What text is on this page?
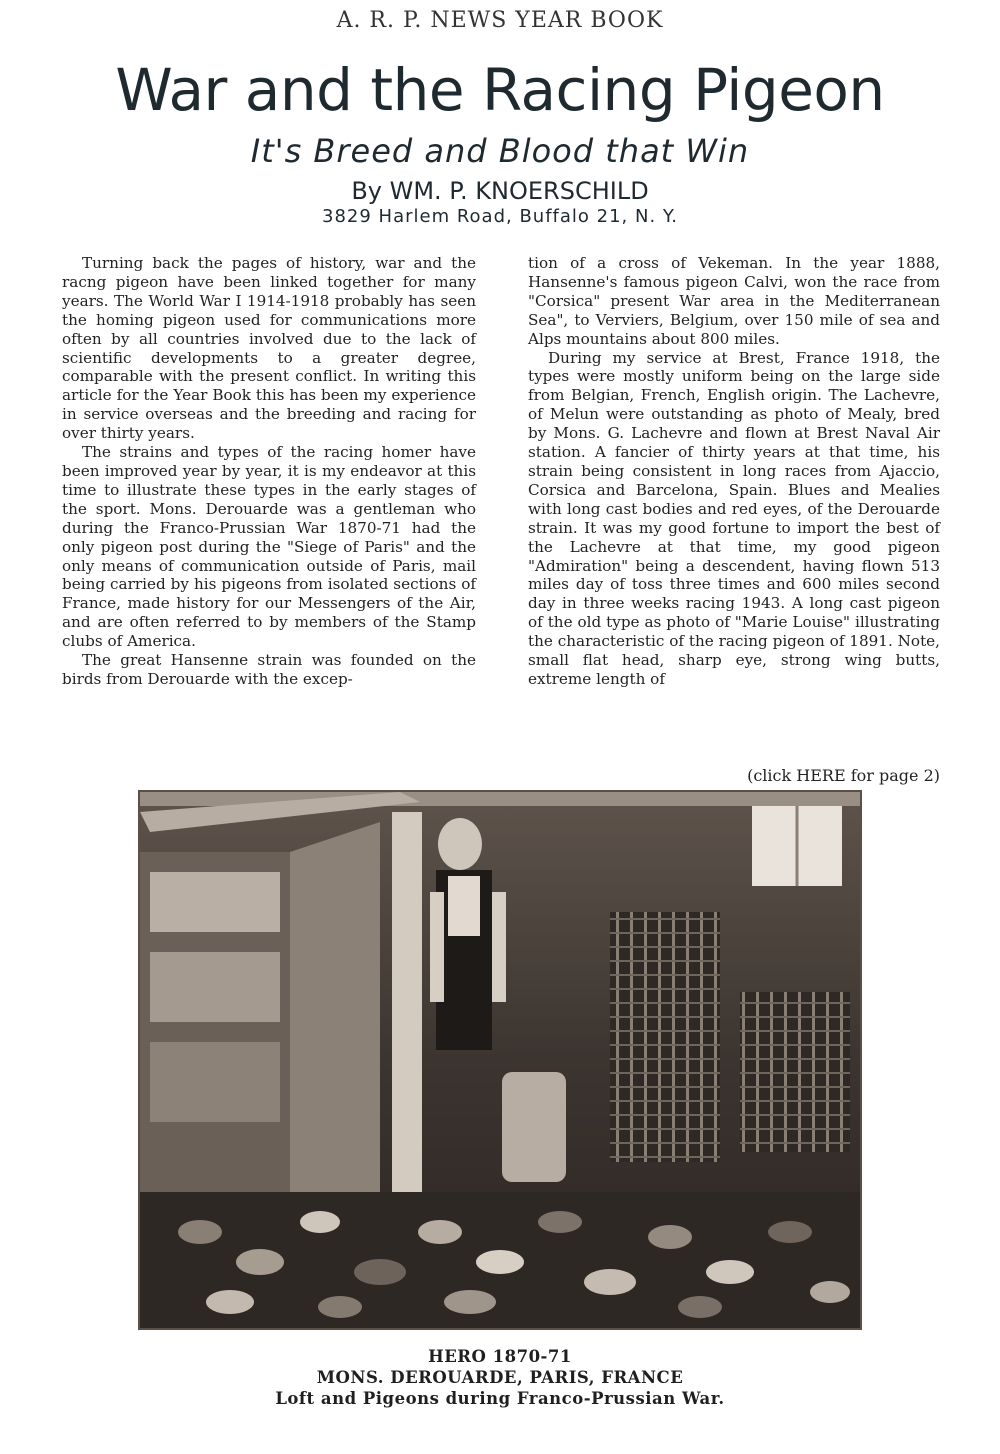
A. R. P. NEWS YEAR BOOK
War and the Racing Pigeon
It's Breed and Blood that Win
By WM. P. KNOERSCHILD
3829 Harlem Road, Buffalo 21, N. Y.

Turning back the pages of history, war and the racng pigeon have been linked together for many years. The World War I 1914-1918 probably has seen the homing pigeon used for communications more often by all countries involved due to the lack of scientific developments to a greater degree, comparable with the present conflict. In writing this article for the Year Book this has been my experience in service overseas and the breeding and racing for over thirty years.

The strains and types of the racing homer have been improved year by year, it is my endeavor at this time to illustrate these types in the early stages of the sport. Mons. Derouarde was a gentleman who during the Franco-Prussian War 1870-71 had the only pigeon post during the "Siege of Paris" and the only means of communication outside of Paris, mail being carried by his pigeons from isolated sections of France, made history for our Messengers of the Air, and are often referred to by members of the Stamp clubs of America.

The great Hansenne strain was founded on the birds from Derouarde with the excep-

tion of a cross of Vekeman. In the year 1888, Hansenne's famous pigeon Calvi, won the race from "Corsica" present War area in the Mediterranean Sea", to Verviers, Belgium, over 150 mile of sea and Alps mountains about 800 miles.

During my service at Brest, France 1918, the types were mostly uniform being on the large side from Belgian, French, English origin. The Lachevre, of Melun were outstanding as photo of Mealy, bred by Mons. G. Lachevre and flown at Brest Naval Air station. A fancier of thirty years at that time, his strain being consistent in long races from Ajaccio, Corsica and Barcelona, Spain. Blues and Mealies with long cast bodies and red eyes, of the Derouarde strain. It was my good fortune to import the best of the Lachevre at that time, my good pigeon "Admiration" being a descendent, having flown 513 miles day of toss three times and 600 miles second day in three weeks racing 1943. A long cast pigeon of the old type as photo of "Marie Louise" illustrating the characteristic of the racing pigeon of 1891. Note, small flat head, sharp eye, strong wing butts, extreme length of

(click HERE for page 2)
HERO 1870-71
MONS. DEROUARDE, PARIS, FRANCE
Loft and Pigeons during Franco-Prussian War.
